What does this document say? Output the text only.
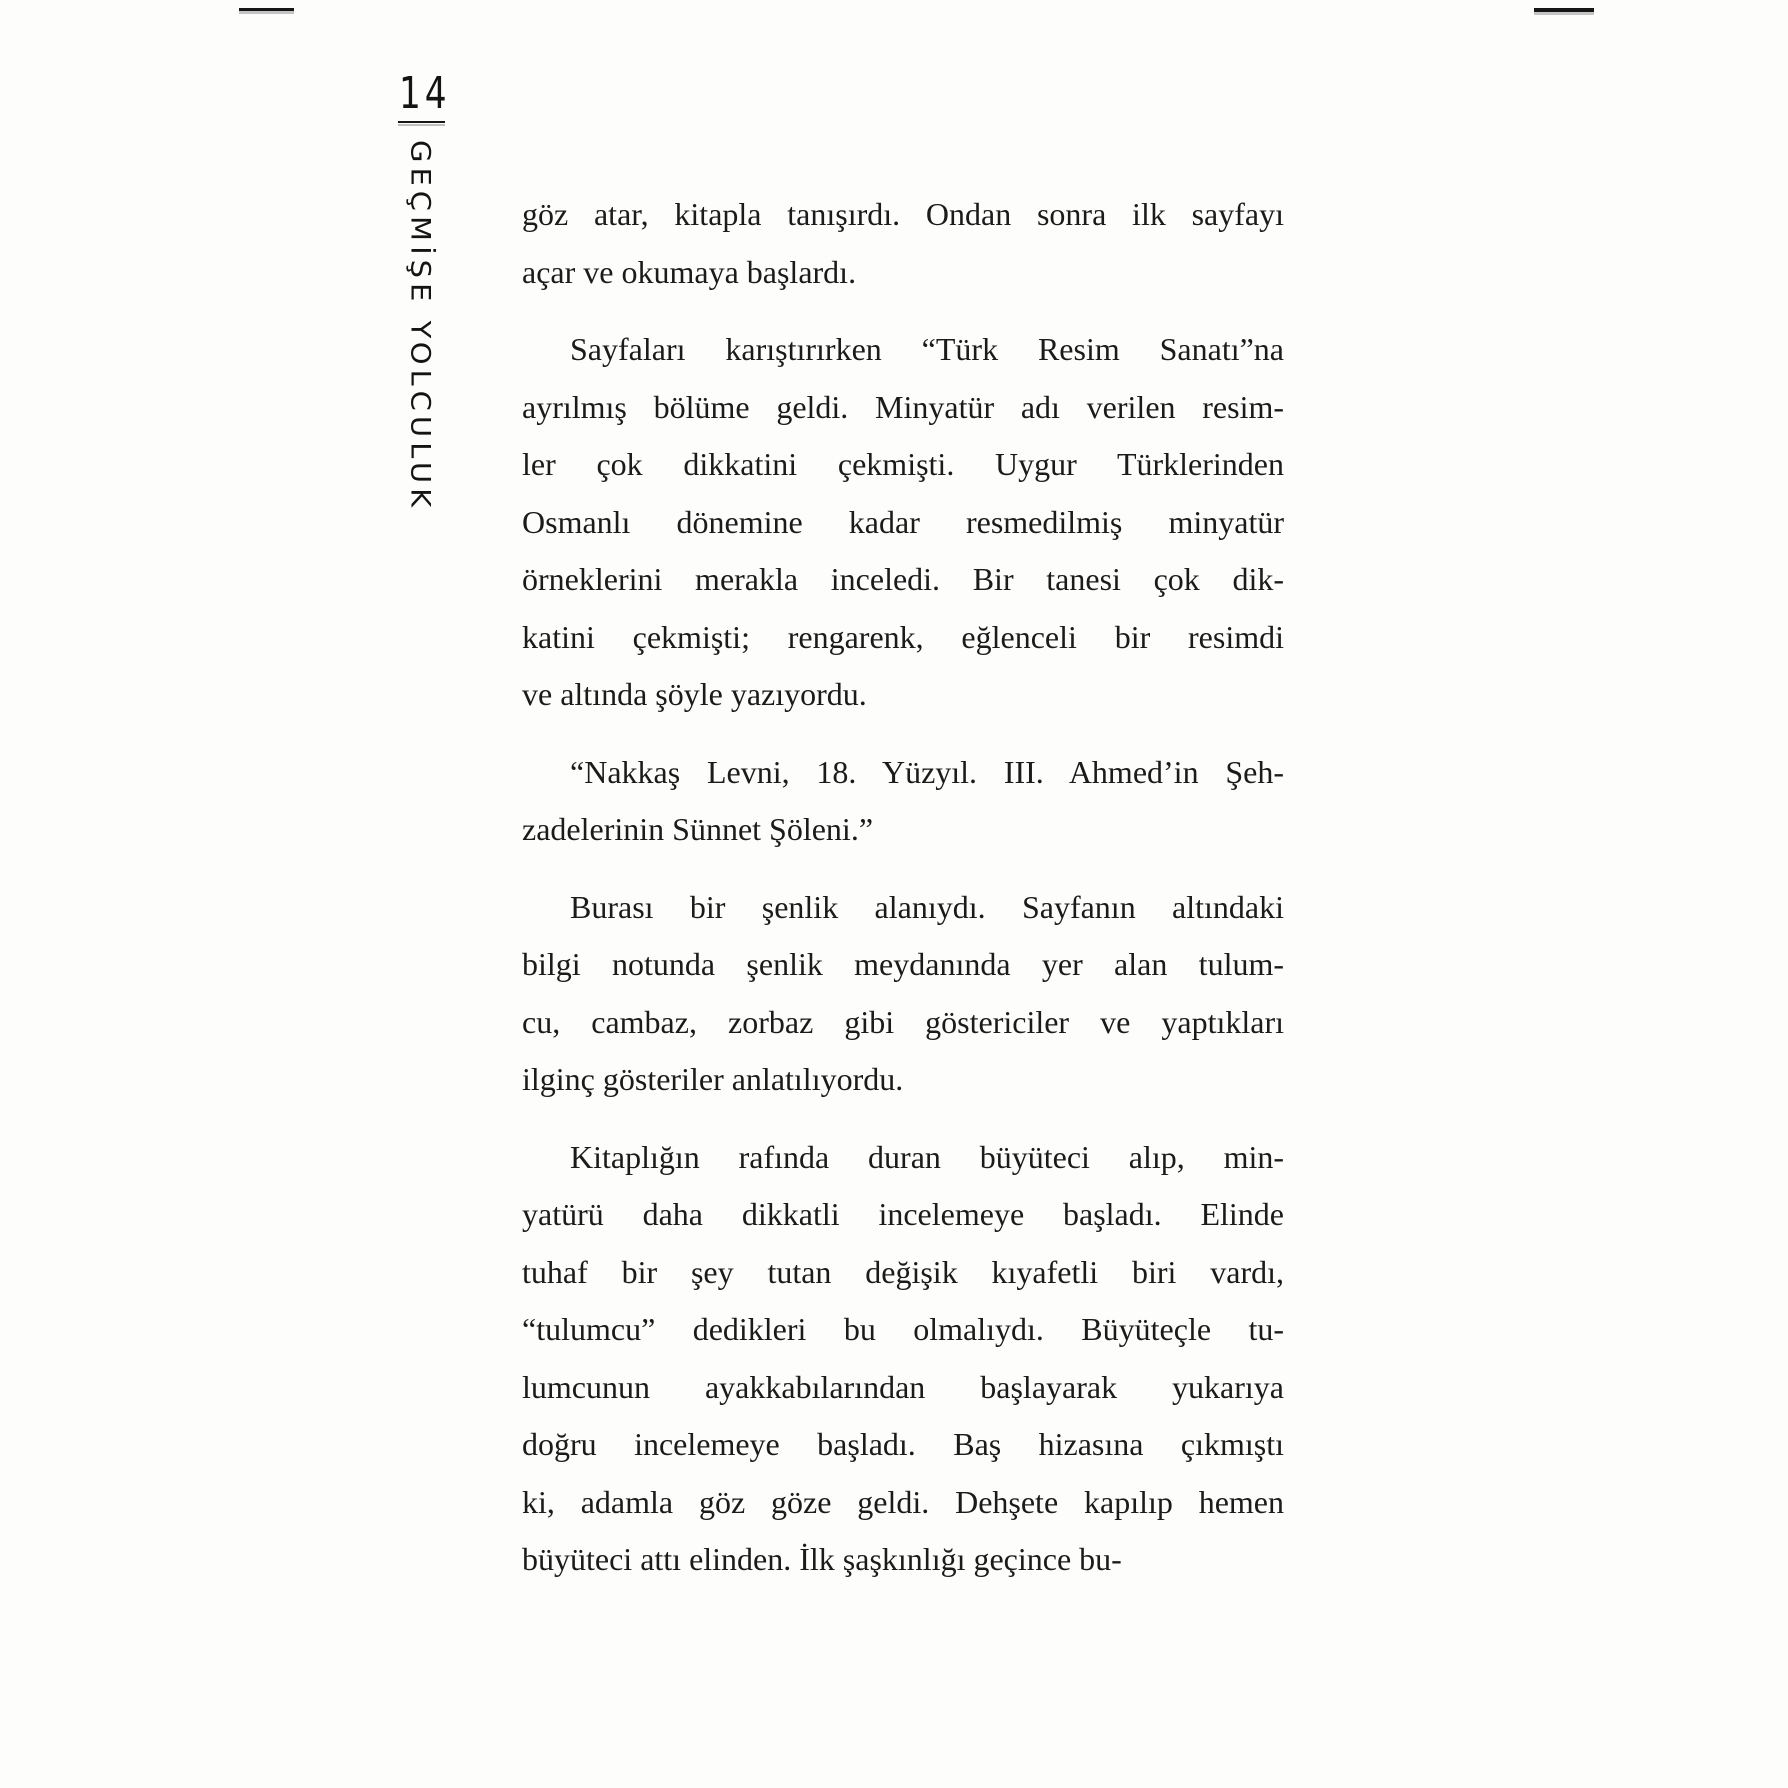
14
GEÇMİŞE YOLCULUK	göz atar, kitapla tanışırdı. Ondan sonra ilk sayfayı
açar ve okumaya başlardı.
Sayfaları karıştırırken “Türk Resim Sanatı”na
ayrılmış bölüme geldi. Minyatür adı verilen resim-
ler çok dikkatini çekmişti. Uygur Türklerinden
Osmanlı dönemine kadar resmedilmiş minyatür
örneklerini merakla inceledi. Bir tanesi çok dik-
katini çekmişti; rengarenk, eğlenceli bir resimdi
ve altında şöyle yazıyordu.
“Nakkaş Levni, 18. Yüzyıl. III. Ahmed’in Şeh-
zadelerinin Sünnet Şöleni.”
Burası bir şenlik alanıydı. Sayfanın altındaki
bilgi notunda şenlik meydanında yer alan tulum-
cu, cambaz, zorbaz gibi göstericiler ve yaptıkları
ilginç gösteriler anlatılıyordu.
Kitaplığın rafında duran büyüteci alıp, min-
yatürü daha dikkatli incelemeye başladı. Elinde
tuhaf bir şey tutan değişik kıyafetli biri vardı,
“tulumcu” dedikleri bu olmalıydı. Büyüteçle tu-
lumcunun ayakkabılarından başlayarak yukarıya
doğru incelemeye başladı. Baş hizasına çıkmıştı
ki, adamla göz göze geldi. Dehşete kapılıp hemen
büyüteci attı elinden. İlk şaşkınlığı geçince bu-
